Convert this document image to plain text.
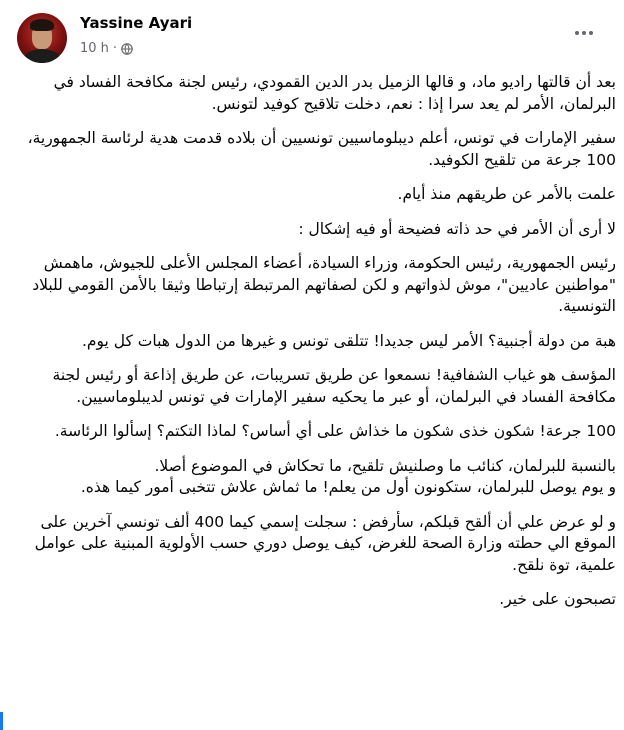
Yassine Ayari
10 h ·

بعد أن قالتها راديو ماد، و قالها الزميل بدر الدين القمودي، رئيس لجنة مكافحة الفساد في البرلمان، الأمر لم يعد سرا إذا : نعم، دخلت تلاقيح كوفيد لتونس.

سفير الإمارات في تونس، أعلم ديبلوماسيين تونسيين أن بلاده قدمت هدية لرئاسة الجمهورية، 100 جرعة من تلقيح الكوفيد.

علمت بالأمر عن طريقهم منذ أيام.

لا أرى أن الأمر في حد ذاته فضيحة أو فيه إشكال :

رئيس الجمهورية، رئيس الحكومة، وزراء السيادة، أعضاء المجلس الأعلى للجيوش، ماهمش "مواطنين عاديين"، موش لذواتهم و لكن لصفاتهم المرتبطة إرتباطا وثيقا بالأمن القومي للبلاد التونسية.

هبة من دولة أجنبية؟ الأمر ليس جديدا! تتلقى تونس و غيرها من الدول هبات كل يوم.

المؤسف هو غياب الشفافية! نسمعوا عن طريق تسريبات، عن طريق إذاعة أو رئيس لجنة مكافحة الفساد في البرلمان، أو عبر ما يحكيه سفير الإمارات في تونس لديبلوماسيين.

100 جرعة! شكون خذى شكون ما خذاش على أي أساس؟ لماذا التكتم؟ إسألوا الرئاسة.

بالنسبة للبرلمان، كنائب ما وصلنيش تلقيح، ما تحكاش في الموضوع أصلا.
و يوم يوصل للبرلمان، ستكونون أول من يعلم! ما ثماش علاش تتخبى أمور كيما هذه.

و لو عرض علي أن ألقح قبلكم، سأرفض : سجلت إسمي كيما 400 ألف تونسي آخرين على الموقع الي حطته وزارة الصحة للغرض، كيف يوصل دوري حسب الأولوية المبنية على عوامل علمية، توة نلقح.

تصبحون على خير.
